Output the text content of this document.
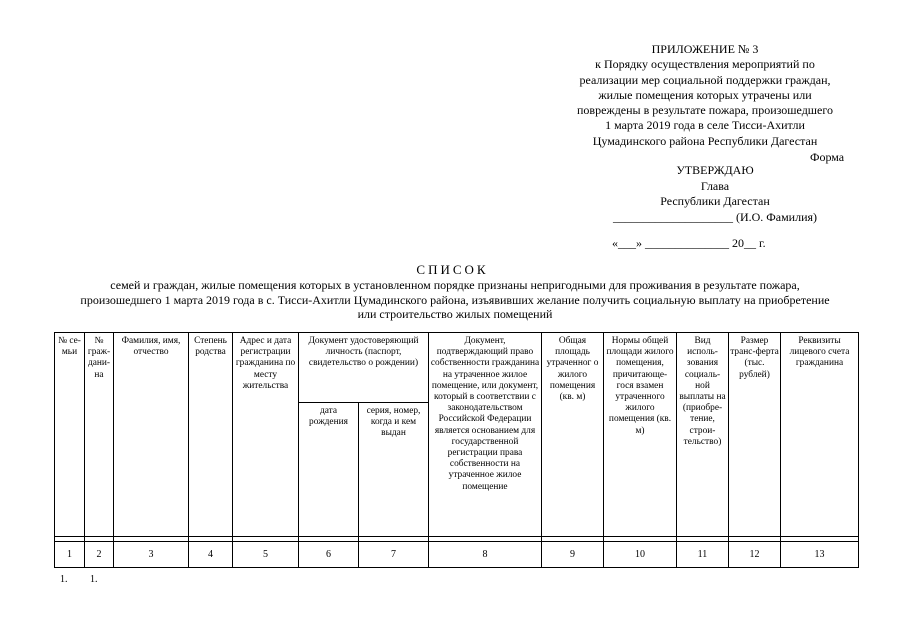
ПРИЛОЖЕНИЕ № 3
к Порядку осуществления мероприятий по
реализации мер социальной поддержки граждан,
жилые помещения которых утрачены или
повреждены в результате пожара, произошедшего
1 марта 2019 года в селе Тисси-Ахитли
Цумадинского района Республики Дагестан
Форма
УТВЕРЖДАЮ
Глава
Республики Дагестан
____________________ (И.О. Фамилия)
«___» ______________ 20__ г.
СПИСОК
семей и граждан, жилые помещения которых в установленном порядке признаны непригодными для проживания в результате пожара, произошедшего 1 марта 2019 года в с. Тисси-Ахитли Цумадинского района, изъявивших желание получить социальную выплату на приобретение или строительство жилых помещений
№ се-мьи	№ граж-дани-на	Фамилия, имя, отчество	Степень родства	Адрес и дата регистрации гражданина по месту жительства	Документ удостоверяющий личность (паспорт, свидетельство о рождении)		Документ, подтверждающий право собственности гражданина на утраченное жилое помещение, или документ, который в соответствии с законодательством Российской Федерации является основанием для государственной регистрации права собственности на утраченное жилое помещение	Общая площадь утраченног о жилого помещения (кв. м)	Нормы общей площади жилого помещения, причитающе-гося взамен утраченного жилого помещения (кв. м)	Вид исполь-зования социаль-ной выплаты на (приобре-тение, строи-тельство)	Размер транс-ферта (тыс. рублей)	Реквизиты лицевого счета гражданина
					дата рождения	серия, номер, когда и кем выдан						

1	2	3	4	5	6	7	8	9	10	11	12	13
1. 1.
